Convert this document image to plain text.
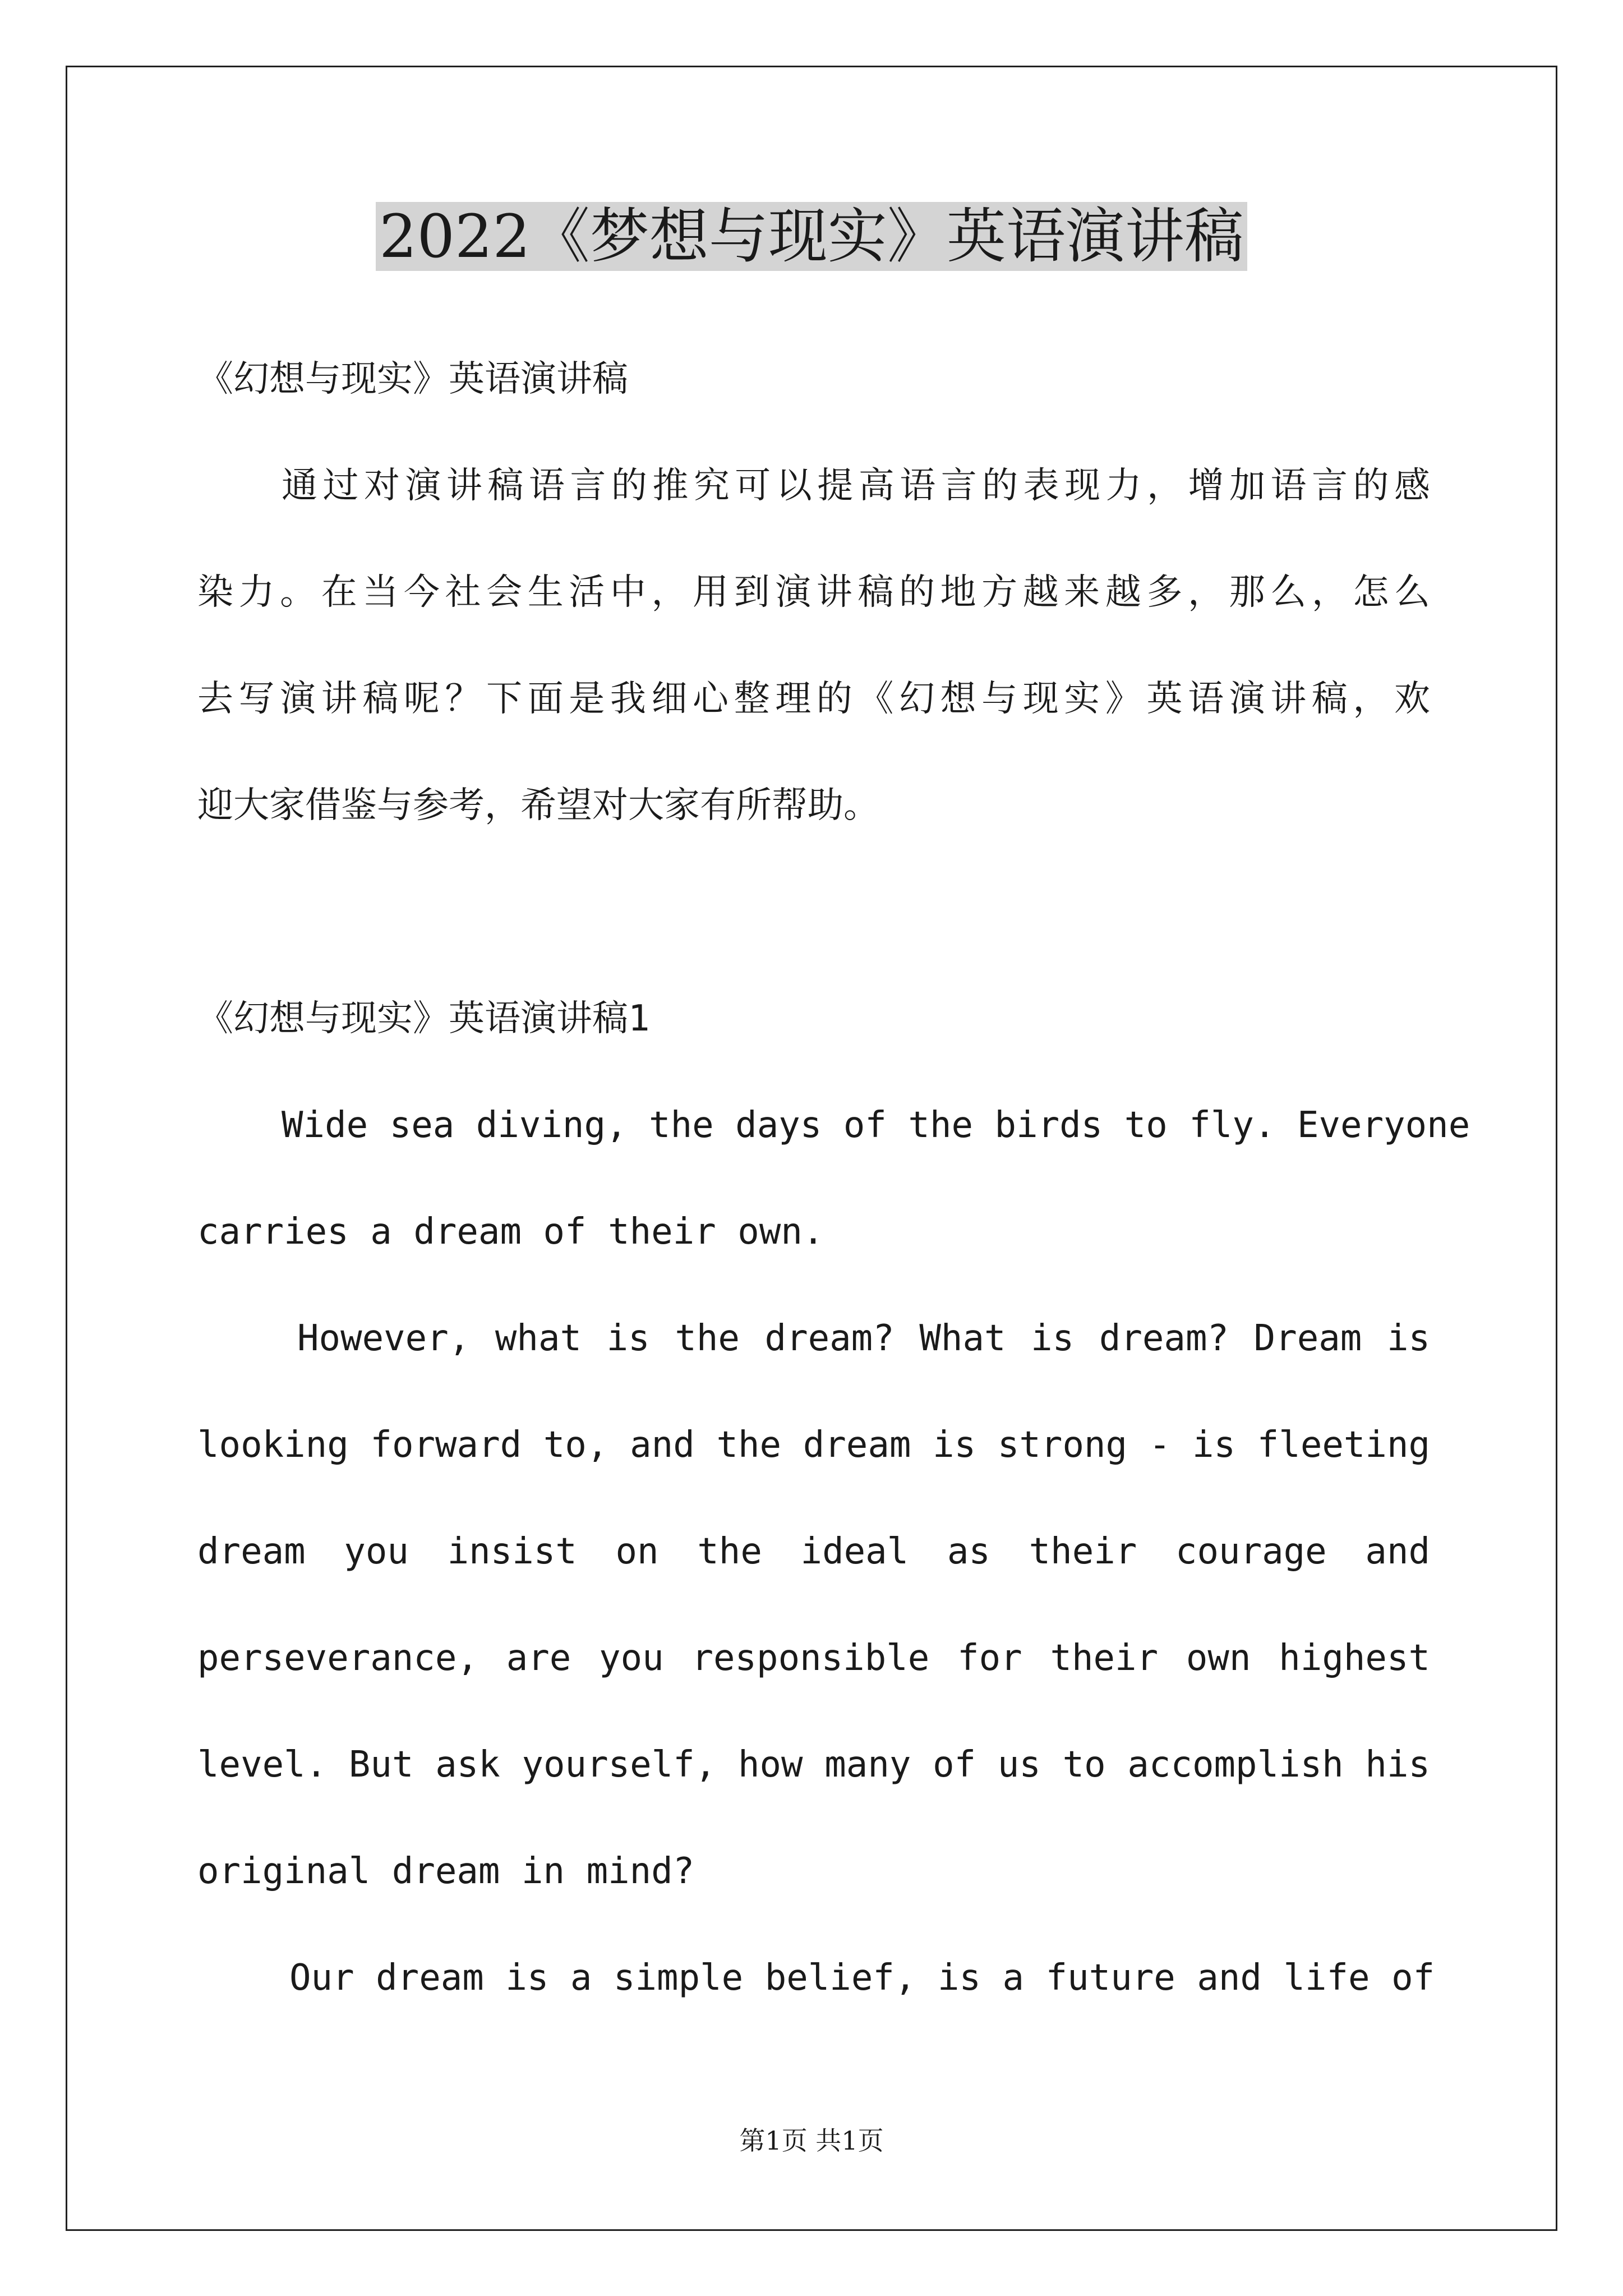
2022《梦想与现实》英语演讲稿
《幻想与现实》英语演讲稿
通过对演讲稿语言的推究可以提高语言的表现力，增加语言的感
染力。在当今社会生活中，用到演讲稿的地方越来越多，那么，怎么
去写演讲稿呢？下面是我细心整理的《幻想与现实》英语演讲稿，欢
迎大家借鉴与参考，希望对大家有所帮助。
《幻想与现实》英语演讲稿1
Wide sea diving, the days of the birds to fly. Everyone
carries a dream of their own.
However, what is the dream? What is dream? Dream is
looking forward to, and the dream is strong - is fleeting
dream you insist on the ideal as their courage and
perseverance, are you responsible for their own highest
level. But ask yourself, how many of us to accomplish his
original dream in mind?
Our dream is a simple belief, is a future and life of
第1页 共1页
